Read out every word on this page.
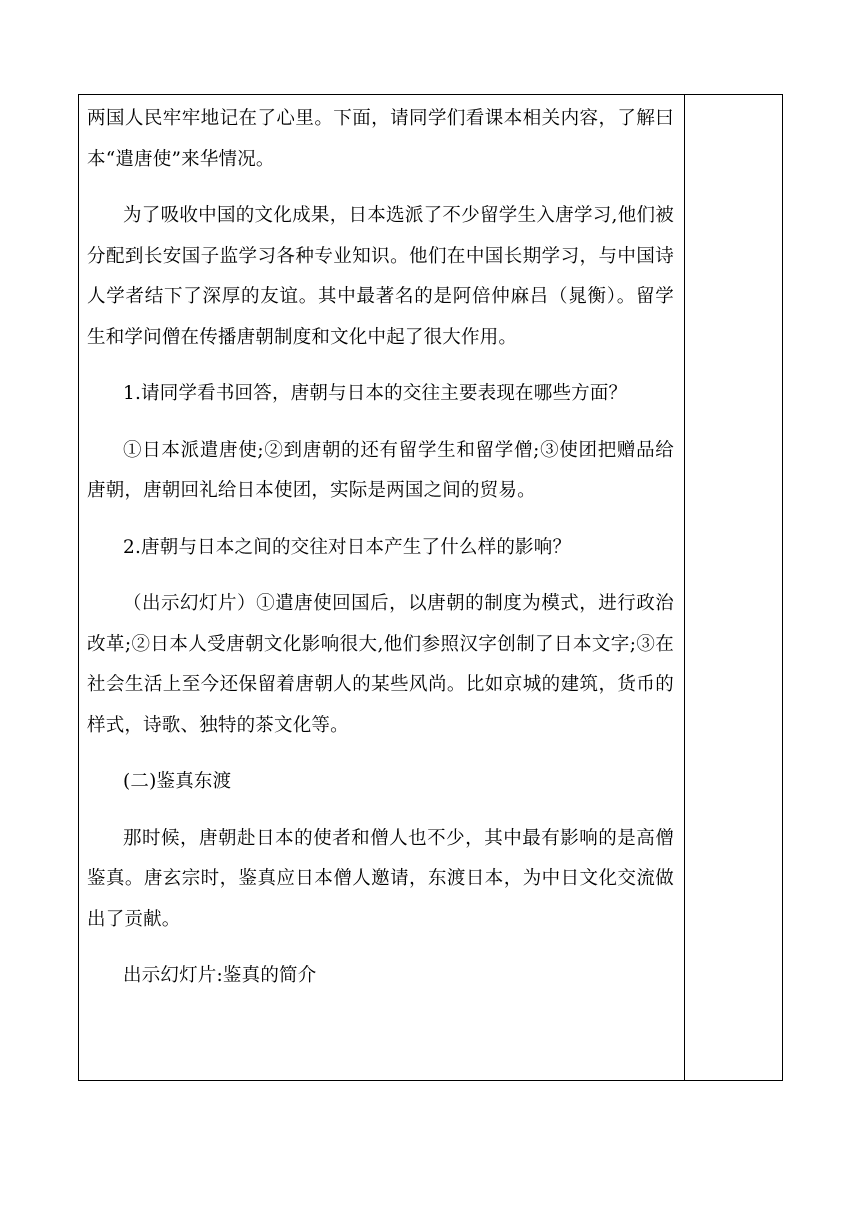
两国人民牢牢地记在了心里。下面，请同学们看课本相关内容，了解曰本“遣唐使”来华情况。

为了吸收中国的文化成果，日本选派了不少留学生入唐学习,他们被分配到长安国子监学习各种专业知识。他们在中国长期学习，与中国诗人学者结下了深厚的友谊。其中最著名的是阿倍仲麻吕（晁衡）。留学生和学问僧在传播唐朝制度和文化中起了很大作用。

1.请同学看书回答，唐朝与日本的交往主要表现在哪些方面？

①日本派遣唐使;②到唐朝的还有留学生和留学僧;③使团把赠品给唐朝，唐朝回礼给日本使团，实际是两国之间的贸易。

2.唐朝与日本之间的交往对日本产生了什么样的影响？

（出示幻灯片）①遣唐使回国后，以唐朝的制度为模式，进行政治改革;②日本人受唐朝文化影响很大,他们参照汉字创制了日本文字;③在社会生活上至今还保留着唐朝人的某些风尚。比如京城的建筑，货币的样式，诗歌、独特的茶文化等。

(二)鉴真东渡

那时候，唐朝赴日本的使者和僧人也不少，其中最有影响的是高僧鉴真。唐玄宗时，鉴真应日本僧人邀请，东渡日本，为中日文化交流做出了贡献。

出示幻灯片:鉴真的简介
